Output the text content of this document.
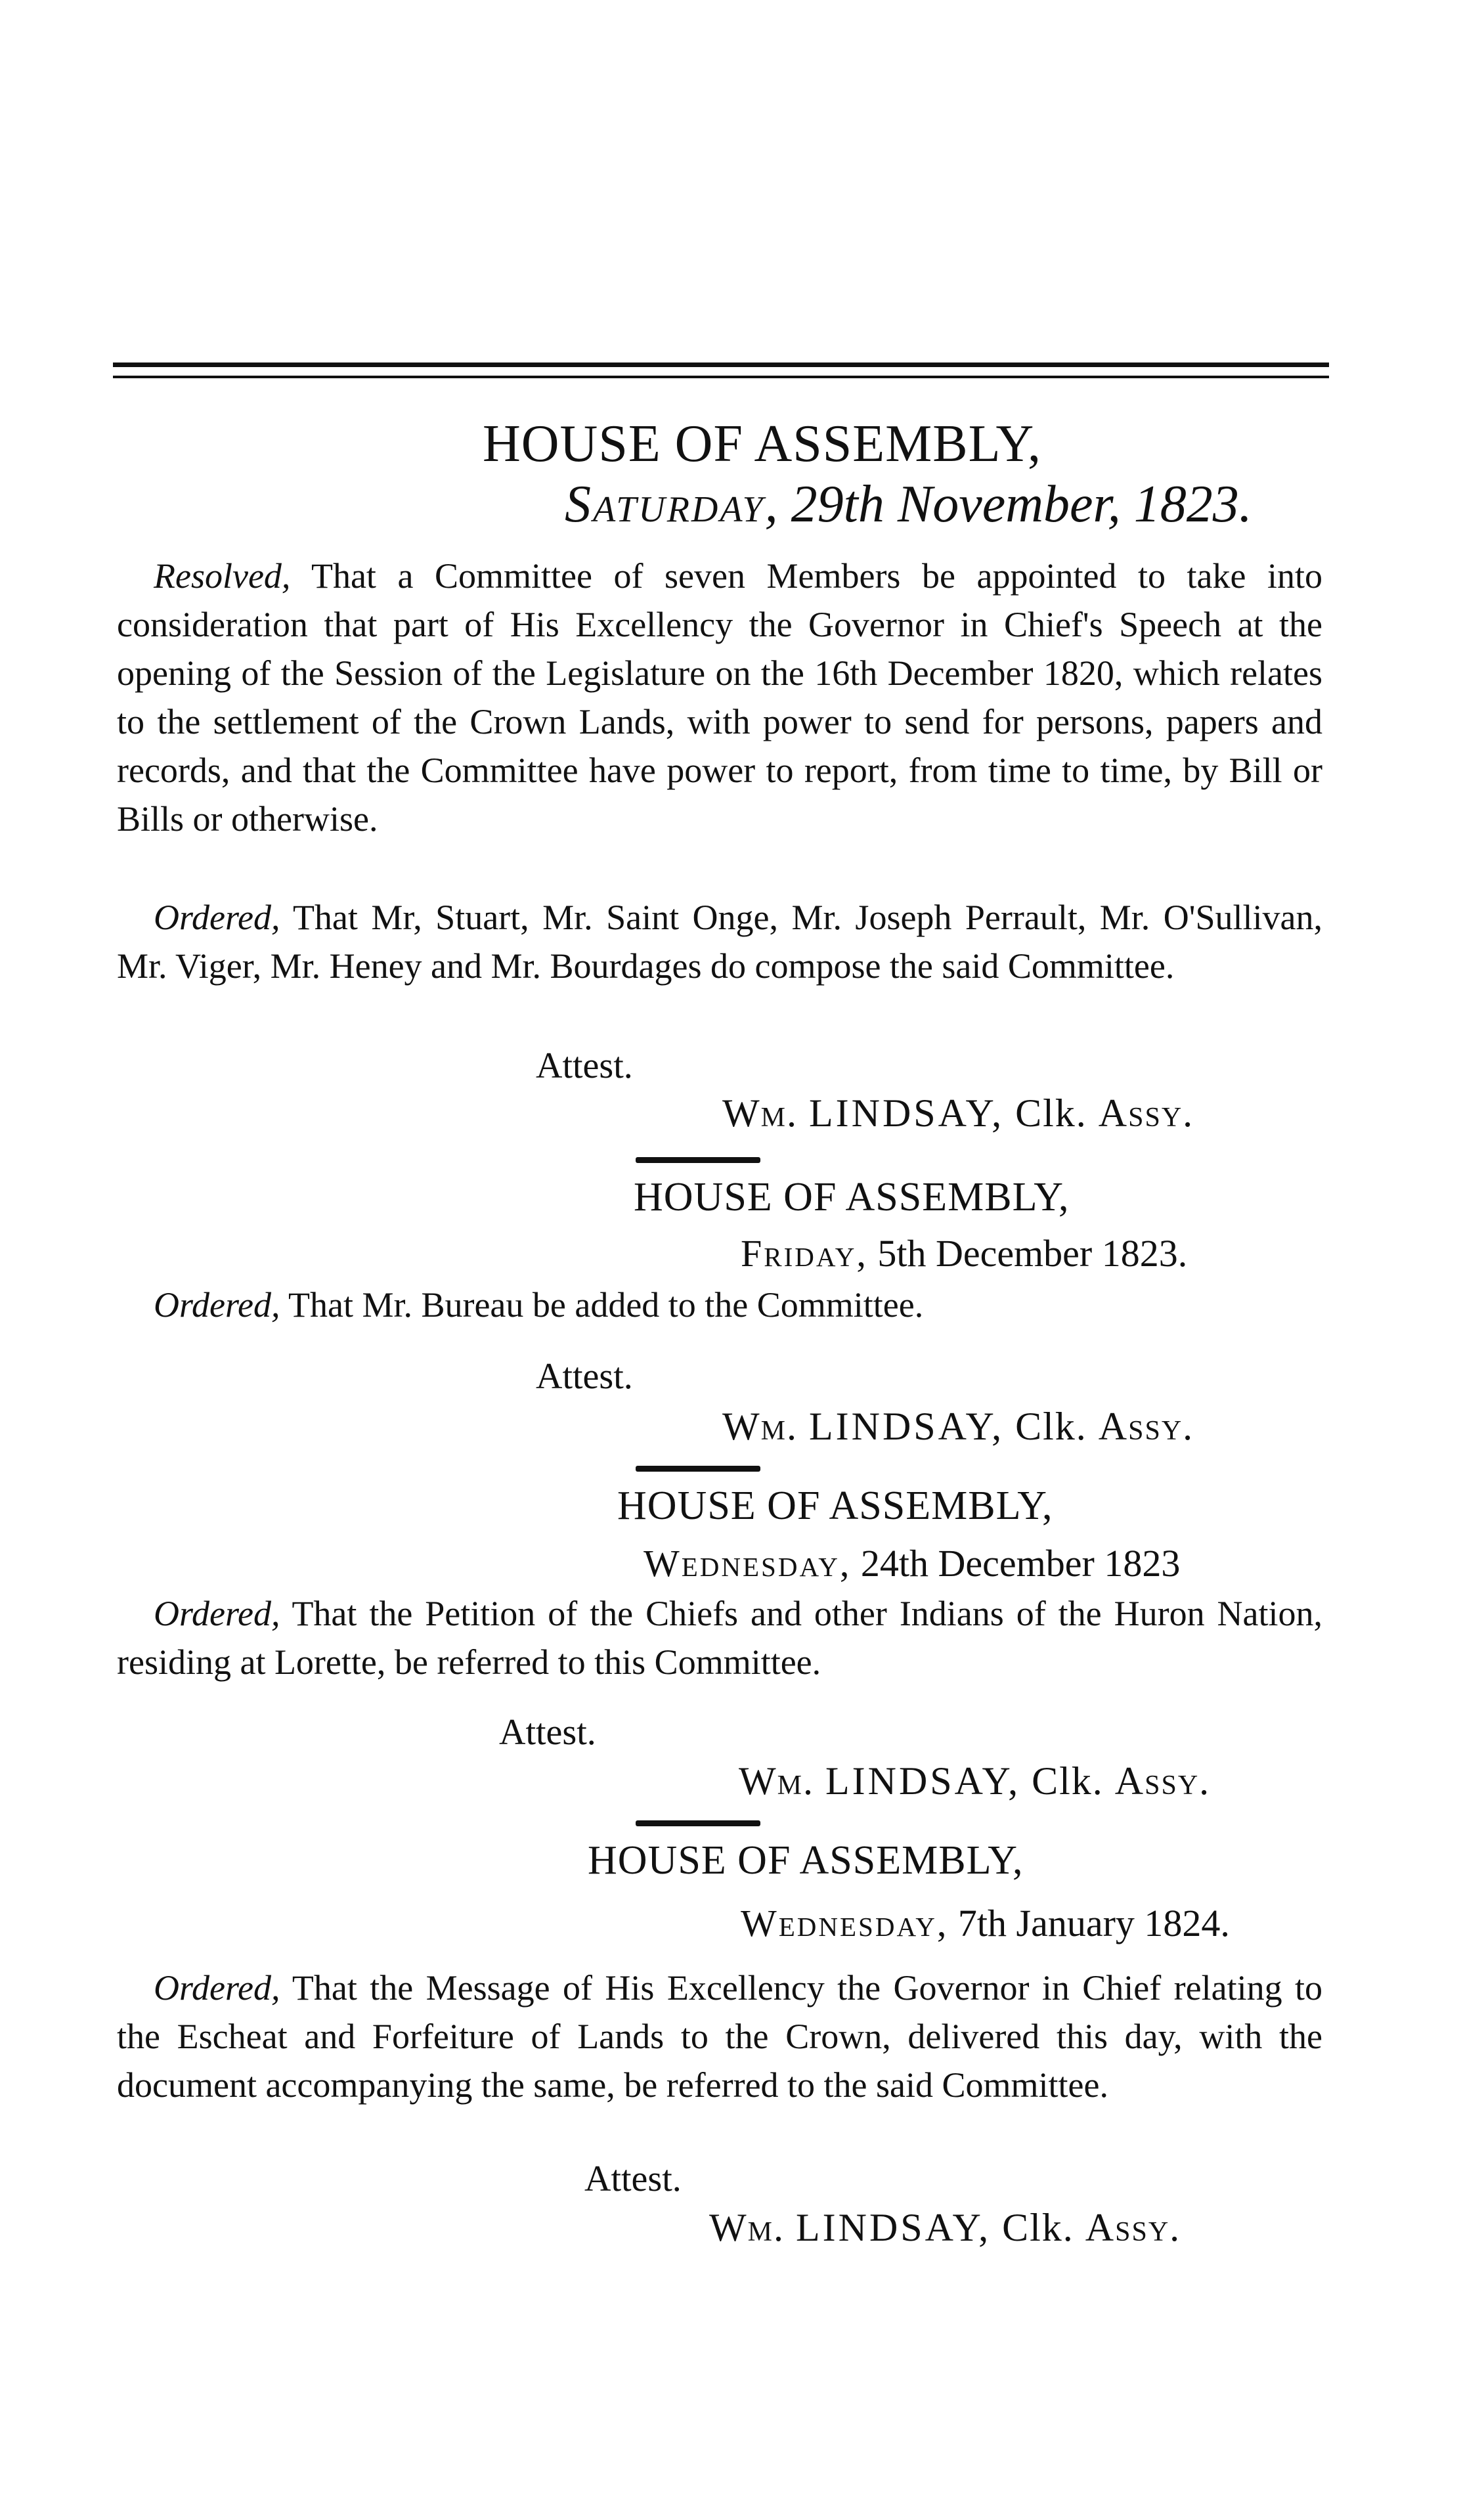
HOUSE OF ASSEMBLY,
Saturday, 29th November, 1823.

Resolved, That a Committee of seven Members be appointed to take into consideration that part of His Excellency the Governor in Chief's Speech at the opening of the Session of the Legislature on the 16th December 1820, which relates to the settlement of the Crown Lands, with power to send for persons, papers and records, and that the Committee have power to report, from time to time, by Bill or Bills or otherwise.

Ordered, That Mr, Stuart, Mr. Saint Onge, Mr. Joseph Perrault, Mr. O'Sullivan, Mr. Viger, Mr. Heney and Mr. Bourdages do compose the said Committee.

Attest.
Wm. LINDSAY, Clk. Assy.
HOUSE OF ASSEMBLY,
Friday, 5th December 1823.

Ordered, That Mr. Bureau be added to the Committee.

Attest.
Wm. LINDSAY, Clk. Assy.
HOUSE OF ASSEMBLY,
Wednesday, 24th December 1823

Ordered, That the Petition of the Chiefs and other Indians of the Huron Nation, residing at Lorette, be referred to this Committee.

Attest.
Wm. LINDSAY, Clk. Assy.
HOUSE OF ASSEMBLY,
Wednesday, 7th January 1824.

Ordered, That the Message of His Excellency the Governor in Chief relating to the Escheat and Forfeiture of Lands to the Crown, delivered this day, with the document accompanying the same, be referred to the said Committee.

Attest.
Wm. LINDSAY, Clk. Assy.
